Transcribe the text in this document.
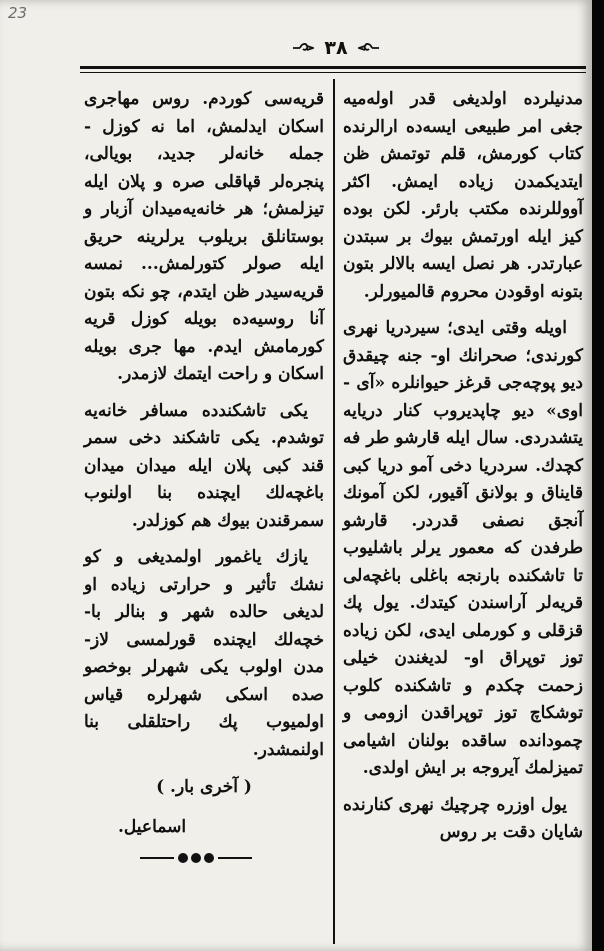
23
۳۸

مدنیلرده اولدیغی قدر اولەمیه جغی امر طبیعی ایسەده ارالرنده کتاب کورمش، قلم توتمش ظن ایتدیکمدن زیاده ایمش. اکثر آووللرنده مکتب بارئر. لکن بوده کیز ایله اورتمش بیوك بر سبتدن عبارتدر. هر نصل ایسه بالالر بتون بتونه اوقودن محروم قالمیورلر.

اویله وقتی ایدی؛ سیردریا نهری کورندی؛ صحرانك او- جنه چیقدق دیو پوچەجی قرغز حیوانلره «آی - اوی» دیو چاپدیروب کنار دریایه یتشدردی. سال ایله قارشو طر فه کچدك. سردریا دخی آمو دریا کبی قایناق و بولانق آقیور، لکن آمونك آنجق نصفی قدردر. قارشو طرفدن که معمور یرلر باشلیوب تا تاشکنده بارنجه باغلی باغچەلی قریەلر آراسندن کیتدك. یول پك قزقلی و کورملی ایدی، لکن زیاده توز توپراق او- لدیغندن خیلی زحمت چکدم و تاشکنده کلوب توشکاچ توز توپراقدن ازومی و چمودانده ساقده بولنان اشیامی تمیزلمك آیروجه بر ایش اولدی.

یول اوزره چرچیك نهری کنارنده شایان دقت بر روس

قریەسی کوردم. روس مهاجری اسکان ایدلمش، اما نه کوزل - جمله خانەلر جدید، بویالی، پنجرەلر قپاقلی صره و پلان ایله تیزلمش؛ هر خانەیەمیدان آزبار و بوستانلق بریلوب یرلرینه حریق ایله صولر کتورلمش... نمسه قریەسیدر ظن ایتدم، چو نکه بتون آنا روسیەده بویله کوزل قریه کورمامش ایدم. مها جری بویله اسکان و راحت ایتمك لازمدر.

یکی تاشکندده مسافر خانەیه توشدم. یکی تاشکند دخی سمر قند کبی پلان ایله میدان میدان باغچەلك ایچنده بنا اولنوب سمرقندن بیوك هم کوزلدر.

یازك یاغمور اولمدیغی و کو نشك تأثیر و حرارتی زیاده او لدیغی حالده شهر و بنالر با- خچەلك ایچنده قورلمسی لاز- مدن اولوب یکی شهرلر بوخصو صده اسکی شهرلره قیاس اولمیوب پك راحتلقلی بنا اولنمشدر.

( آخری بار. )

اسماعیل.
